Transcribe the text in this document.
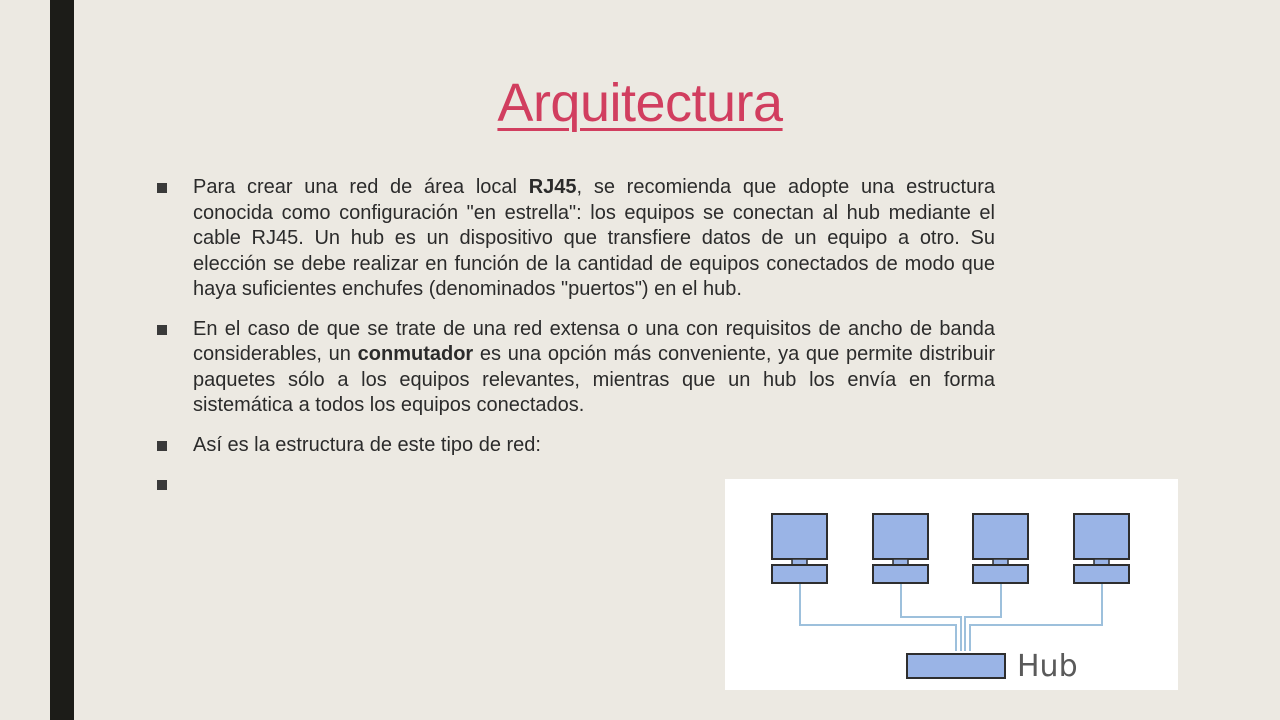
Arquitectura
Para crear una red de área local RJ45, se recomienda que adopte una estructura conocida como configuración "en estrella": los equipos se conectan al hub mediante el cable RJ45. Un hub es un dispositivo que transfiere datos de un equipo a otro. Su elección se debe realizar en función de la cantidad de equipos conectados de modo que haya suficientes enchufes (denominados "puertos") en el hub.
En el caso de que se trate de una red extensa o una con requisitos de ancho de banda considerables, un conmutador es una opción más conveniente, ya que permite distribuir paquetes sólo a los equipos relevantes, mientras que un hub los envía en forma sistemática a todos los equipos conectados.
Así es la estructura de este tipo de red:
Hub
